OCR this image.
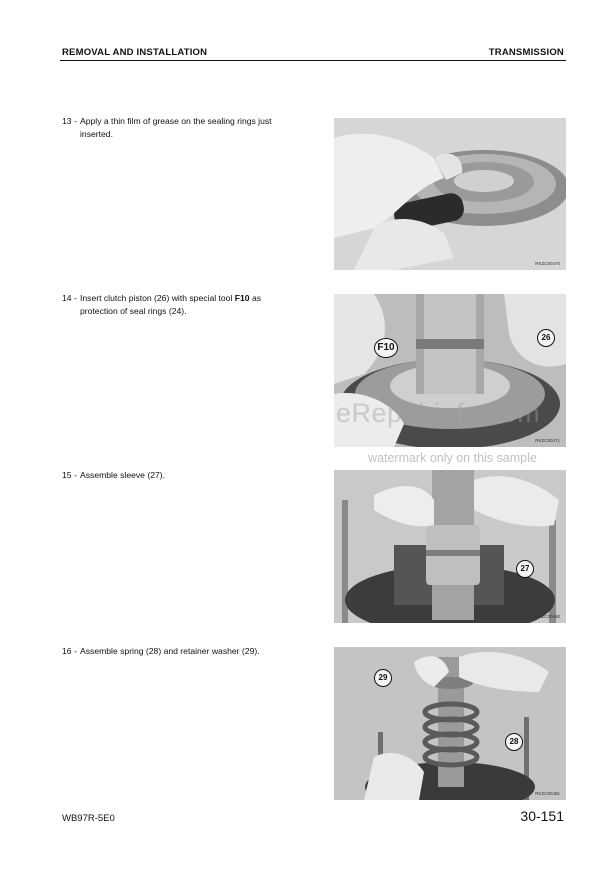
REMOVAL AND INSTALLATION	TRANSMISSION
13 - Apply a thin film of grease on the sealing rings just
inserted.
14 - Insert clutch piston (26) with special tool F10 as
protection of seal rings (24).
15 - Assemble sleeve (27).
16 - Assemble spring (28) and retainer washer (29).
RKZC00470
F10
26
RKZC00471
27
RKZC00480
29
28
RKZC00481
eRepairinfo.com
watermark only on this sample
WB97R-5E0	30-151
